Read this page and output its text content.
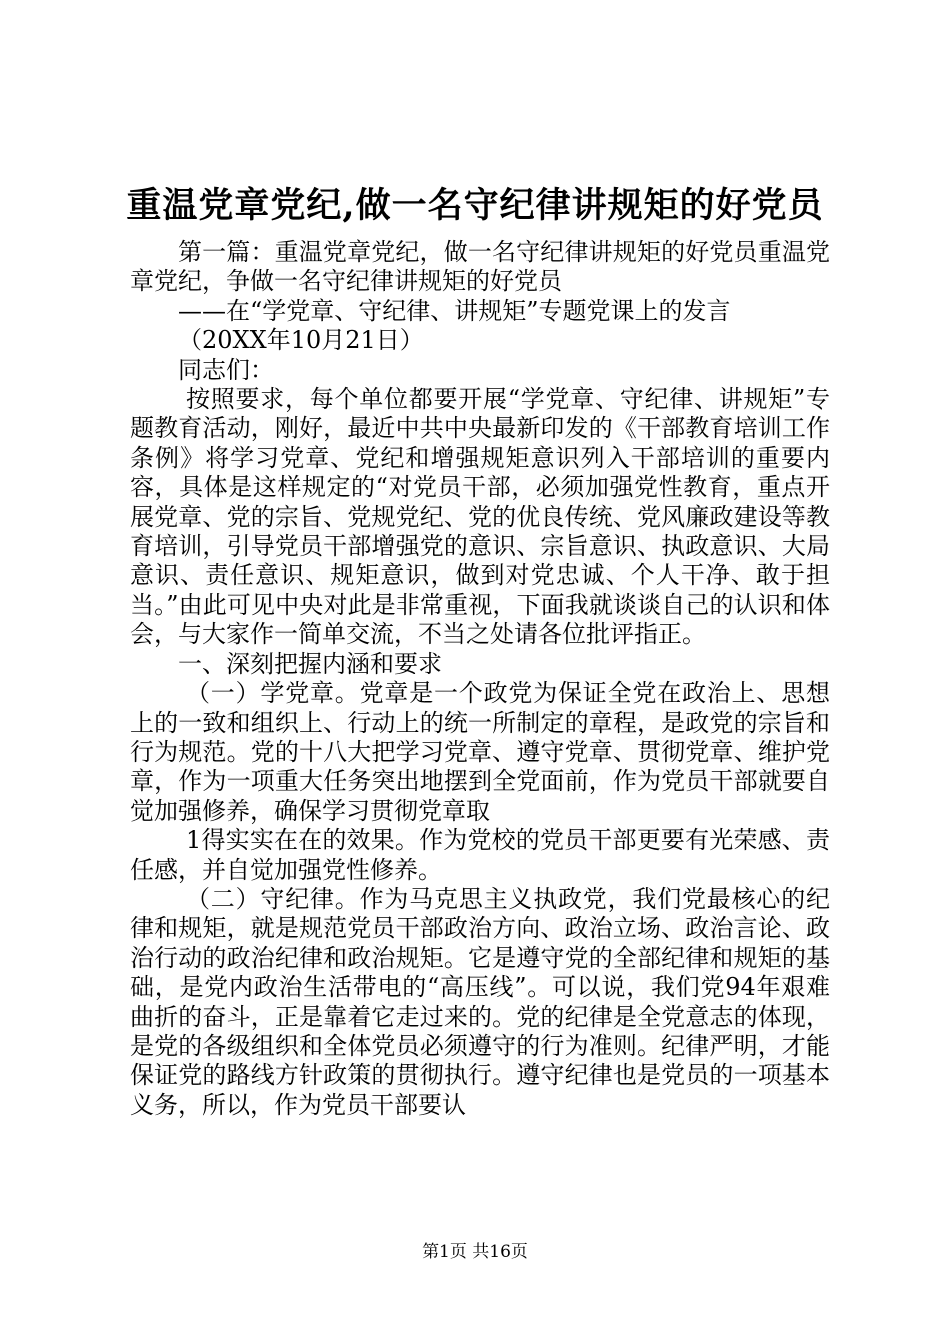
重温党章党纪,做一名守纪律讲规矩的好党员

第一篇：重温党章党纪，做一名守纪律讲规矩的好党员重温党章党纪，争做一名守纪律讲规矩的好党员

——在“学党章、守纪律、讲规矩”专题党课上的发言

（20XX年10月21日）

同志们：

按照要求，每个单位都要开展“学党章、守纪律、讲规矩”专题教育活动，刚好，最近中共中央最新印发的《干部教育培训工作条例》将学习党章、党纪和增强规矩意识列入干部培训的重要内容，具体是这样规定的“对党员干部，必须加强党性教育，重点开展党章、党的宗旨、党规党纪、党的优良传统、党风廉政建设等教育培训，引导党员干部增强党的意识、宗旨意识、执政意识、大局意识、责任意识、规矩意识，做到对党忠诚、个人干净、敢于担当。”由此可见中央对此是非常重视，下面我就谈谈自己的认识和体会，与大家作一简单交流，不当之处请各位批评指正。

一、深刻把握内涵和要求

（一）学党章。党章是一个政党为保证全党在政治上、思想上的一致和组织上、行动上的统一所制定的章程，是政党的宗旨和行为规范。党的十八大把学习党章、遵守党章、贯彻党章、维护党章，作为一项重大任务突出地摆到全党面前，作为党员干部就要自觉加强修养，确保学习贯彻党章取

1得实实在在的效果。作为党校的党员干部更要有光荣感、责任感，并自觉加强党性修养。

（二）守纪律。作为马克思主义执政党，我们党最核心的纪律和规矩，就是规范党员干部政治方向、政治立场、政治言论、政治行动的政治纪律和政治规矩。它是遵守党的全部纪律和规矩的基础，是党内政治生活带电的“高压线”。可以说，我们党94年艰难曲折的奋斗，正是靠着它走过来的。党的纪律是全党意志的体现，是党的各级组织和全体党员必须遵守的行为准则。纪律严明，才能保证党的路线方针政策的贯彻执行。遵守纪律也是党员的一项基本义务，所以，作为党员干部要认

第1页 共16页
